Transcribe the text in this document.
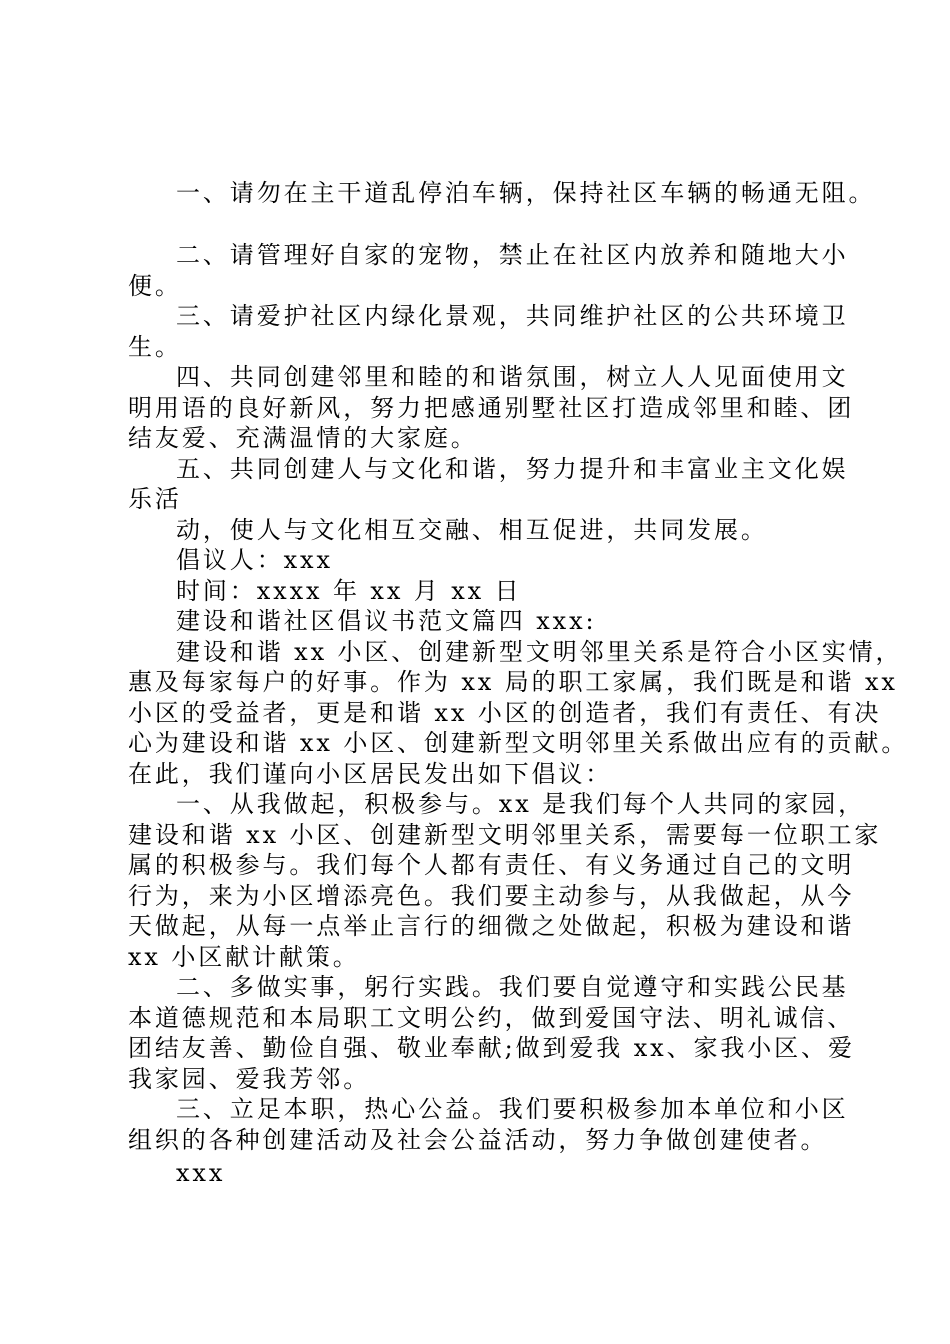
一、请勿在主干道乱停泊车辆，保持社区车辆的畅通无阻。
二、请管理好自家的宠物，禁止在社区内放养和随地大小
便。
三、请爱护社区内绿化景观，共同维护社区的公共环境卫
生。
四、共同创建邻里和睦的和谐氛围，树立人人见面使用文
明用语的良好新风，努力把感通别墅社区打造成邻里和睦、团
结友爱、充满温情的大家庭。
五、共同创建人与文化和谐，努力提升和丰富业主文化娱
乐活
动，使人与文化相互交融、相互促进，共同发展。
倡议人：xxx
时间：xxxx 年 xx 月 xx 日
建设和谐社区倡议书范文篇四 xxx:
建设和谐 xx 小区、创建新型文明邻里关系是符合小区实情，
惠及每家每户的好事。作为 xx 局的职工家属，我们既是和谐 xx
小区的受益者，更是和谐 xx 小区的创造者，我们有责任、有决
心为建设和谐 xx 小区、创建新型文明邻里关系做出应有的贡献。
在此，我们谨向小区居民发出如下倡议：
一、从我做起，积极参与。xx 是我们每个人共同的家园，
建设和谐 xx 小区、创建新型文明邻里关系，需要每一位职工家
属的积极参与。我们每个人都有责任、有义务通过自己的文明
行为，来为小区增添亮色。我们要主动参与，从我做起，从今
天做起，从每一点举止言行的细微之处做起，积极为建设和谐
xx 小区献计献策。
二、多做实事，躬行实践。我们要自觉遵守和实践公民基
本道德规范和本局职工文明公约，做到爱国守法、明礼诚信、
团结友善、勤俭自强、敬业奉献;做到爱我 xx、家我小区、爱
我家园、爱我芳邻。
三、立足本职，热心公益。我们要积极参加本单位和小区
组织的各种创建活动及社会公益活动，努力争做创建使者。
xxx
